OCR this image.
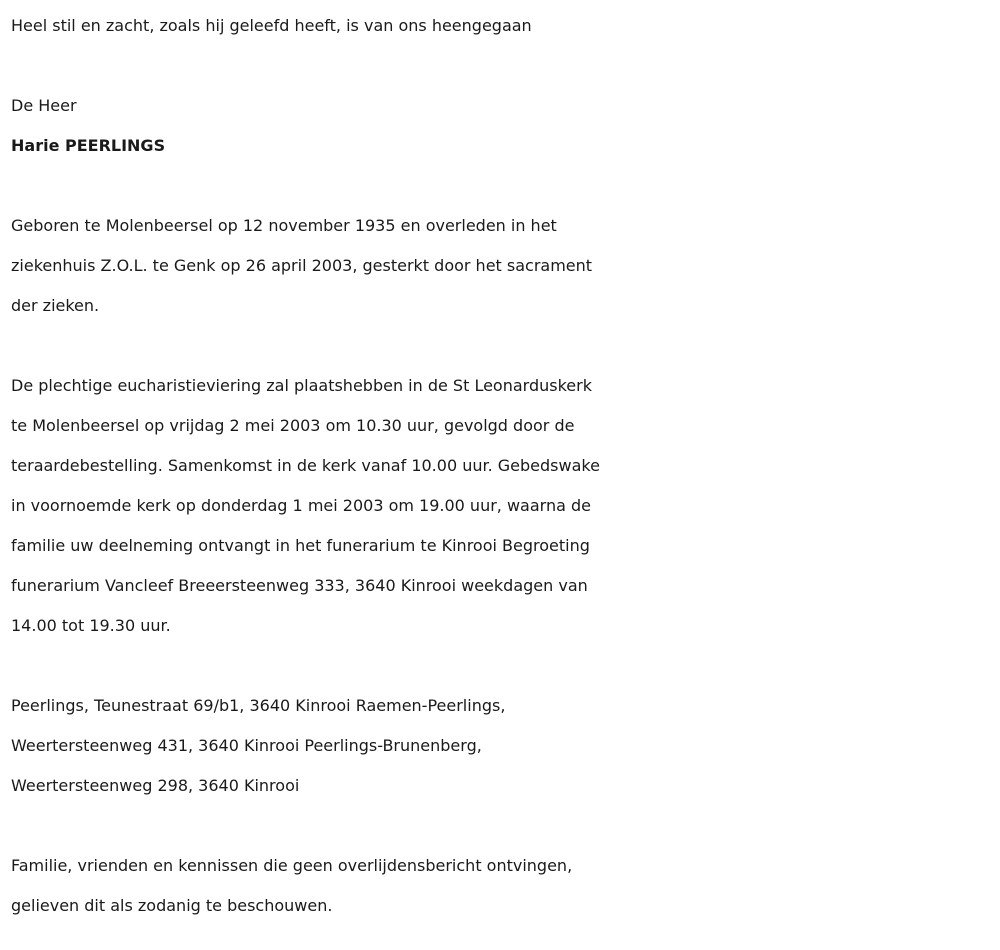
Heel stil en zacht, zoals hij geleefd heeft, is van ons heengegaan
De Heer
Harie PEERLINGS
Geboren te Molenbeersel op 12 november 1935 en overleden in het
ziekenhuis Z.O.L. te Genk op 26 april 2003, gesterkt door het sacrament
der zieken.
De plechtige eucharistieviering zal plaatshebben in de St Leonarduskerk
te Molenbeersel op vrijdag 2 mei 2003 om 10.30 uur, gevolgd door de
teraardebestelling. Samenkomst in de kerk vanaf 10.00 uur. Gebedswake
in voornoemde kerk op donderdag 1 mei 2003 om 19.00 uur, waarna de
familie uw deelneming ontvangt in het funerarium te Kinrooi Begroeting
funerarium Vancleef Breeersteenweg 333, 3640 Kinrooi weekdagen van
14.00 tot 19.30 uur.
Peerlings, Teunestraat 69/b1, 3640 Kinrooi Raemen-Peerlings,
Weertersteenweg 431, 3640 Kinrooi Peerlings-Brunenberg,
Weertersteenweg 298, 3640 Kinrooi
Familie, vrienden en kennissen die geen overlijdensbericht ontvingen,
gelieven dit als zodanig te beschouwen.
